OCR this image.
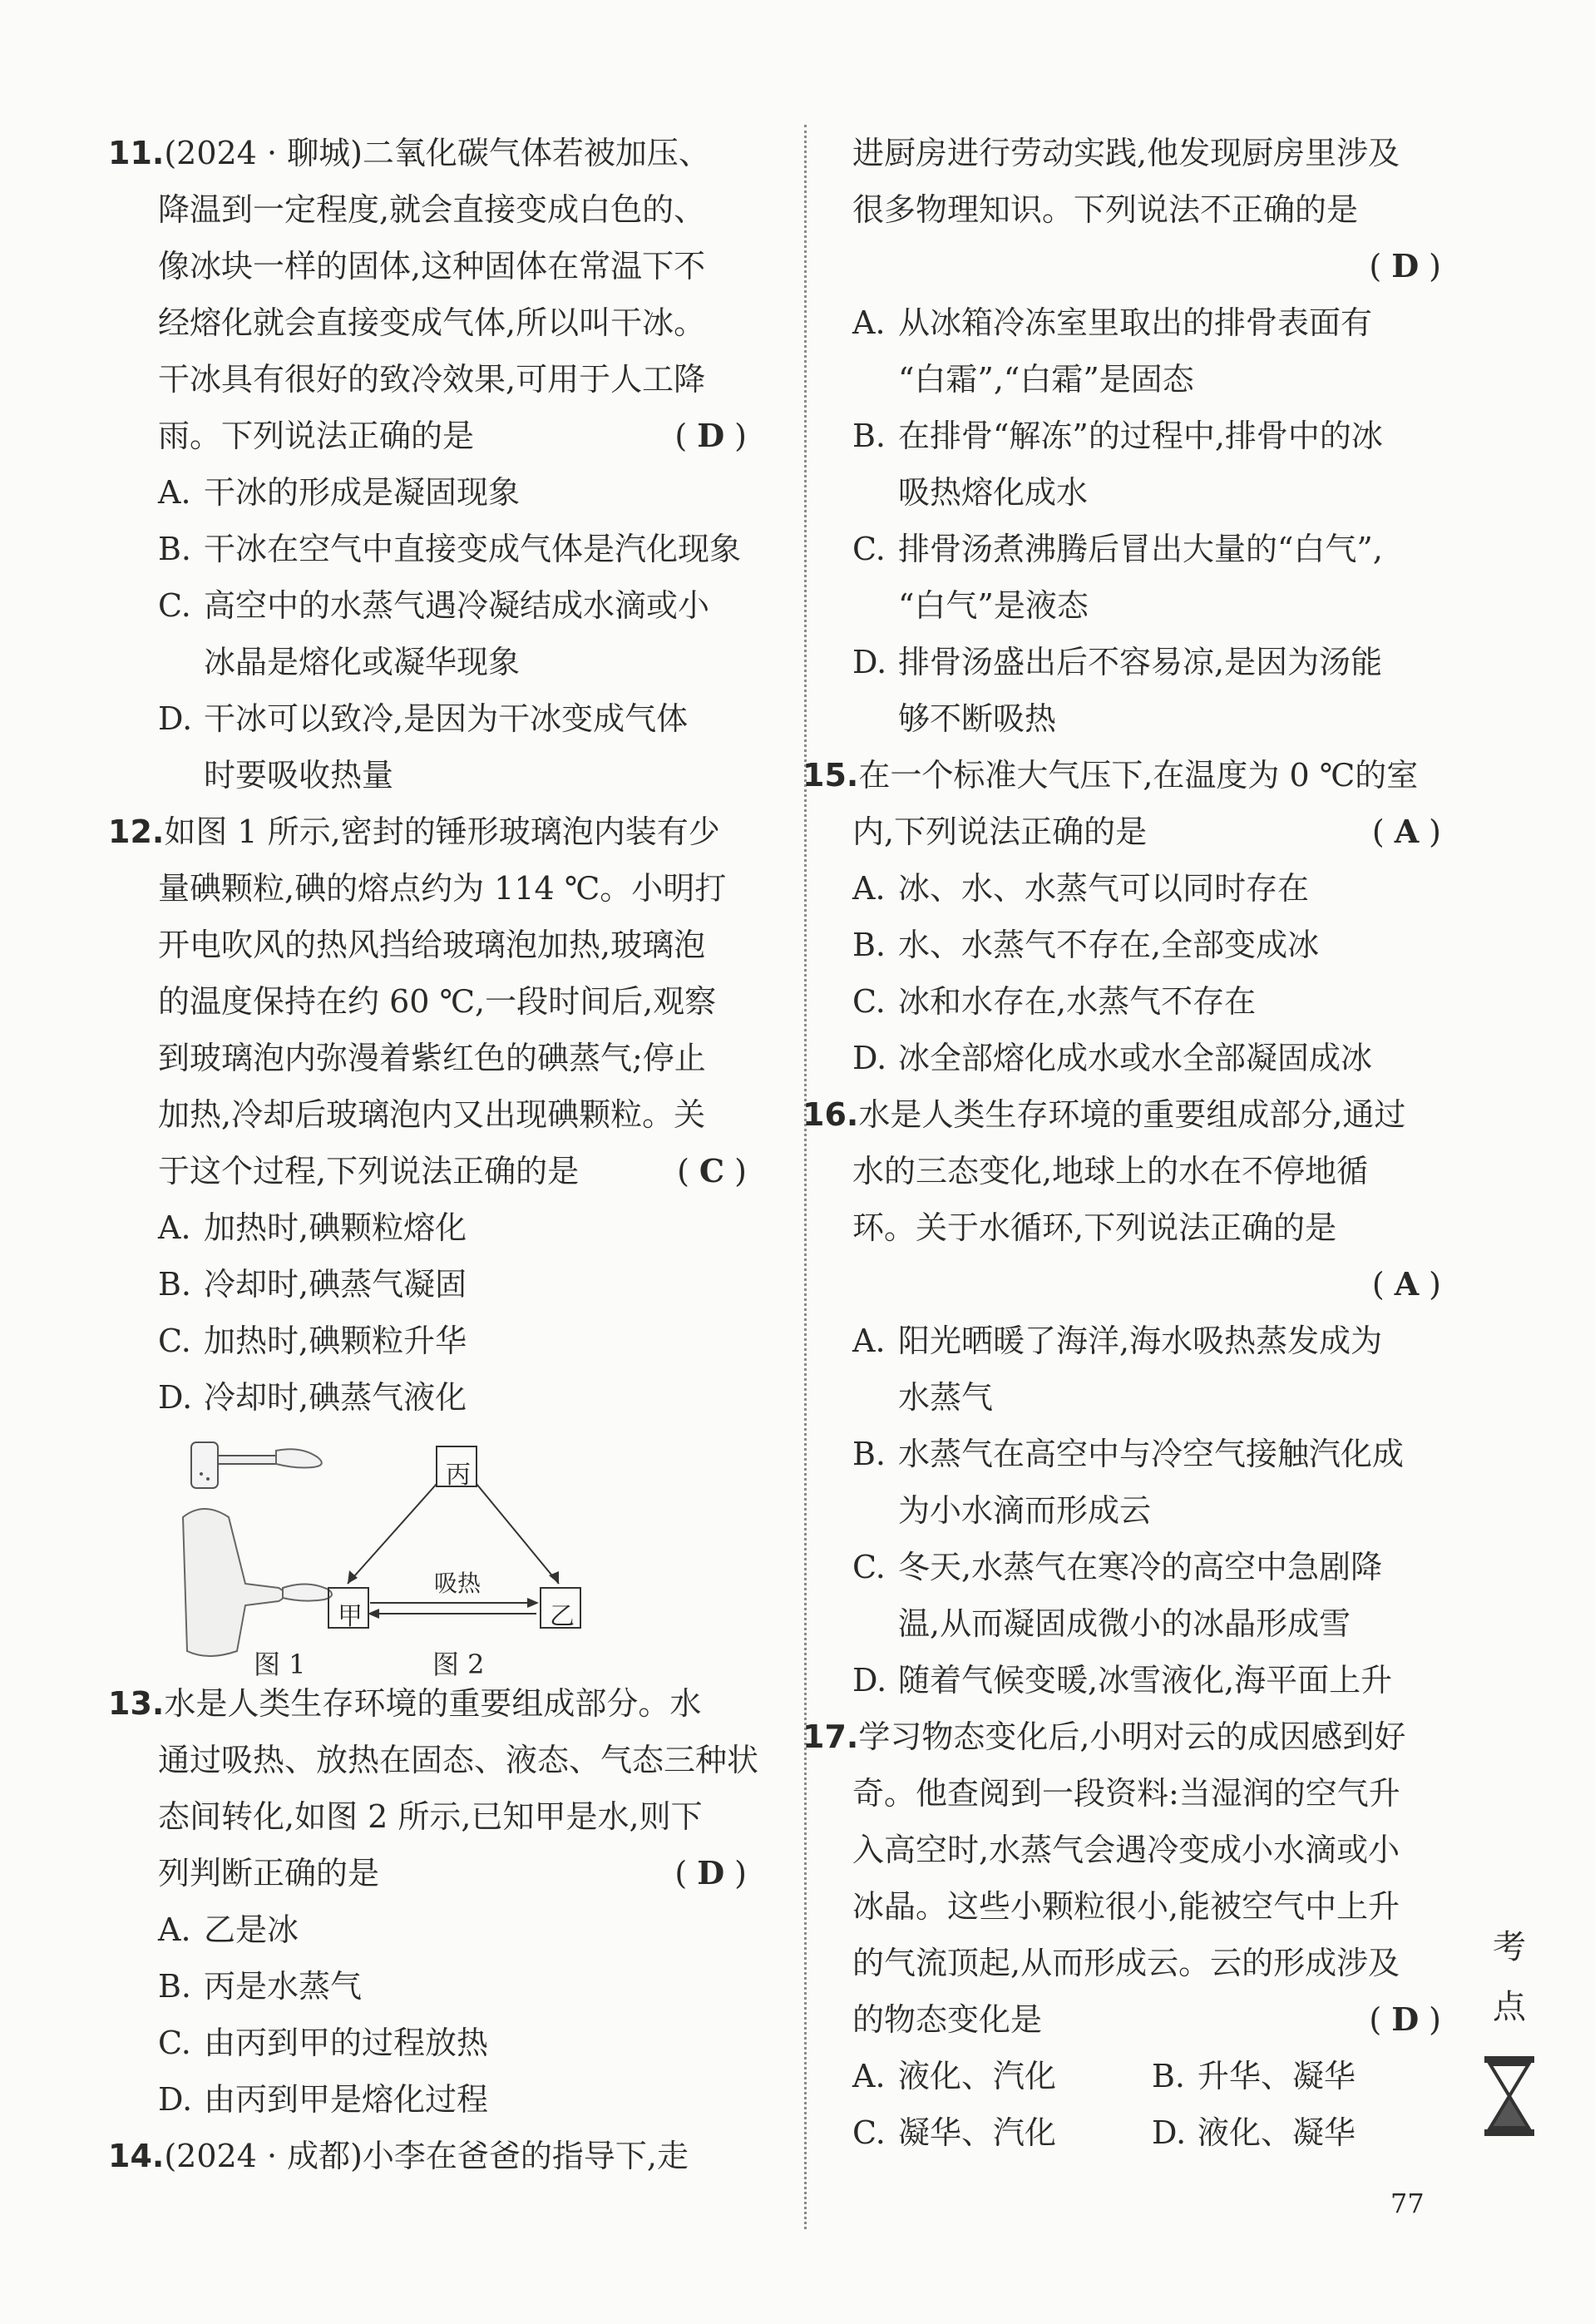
11.(2024 · 聊城)二氧化碳气体若被加压、
降温到一定程度,就会直接变成白色的、
像冰块一样的固体,这种固体在常温下不
经熔化就会直接变成气体,所以叫干冰。
干冰具有很好的致冷效果,可用于人工降
雨。下列说法正确的是	(D)
A. 干冰的形成是凝固现象
B. 干冰在空气中直接变成气体是汽化现象
C. 高空中的水蒸气遇冷凝结成水滴或小
冰晶是熔化或凝华现象
D. 干冰可以致冷,是因为干冰变成气体
时要吸收热量
12.如图 1 所示,密封的锤形玻璃泡内装有少
量碘颗粒,碘的熔点约为 114 ℃。小明打
开电吹风的热风挡给玻璃泡加热,玻璃泡
的温度保持在约 60 ℃,一段时间后,观察
到玻璃泡内弥漫着紫红色的碘蒸气;停止
加热,冷却后玻璃泡内又出现碘颗粒。关
于这个过程,下列说法正确的是	(C)
A. 加热时,碘颗粒熔化
B. 冷却时,碘蒸气凝固
C. 加热时,碘颗粒升华
D. 冷却时,碘蒸气液化
丙
甲	乙
吸热
图 1	图 2
13.水是人类生存环境的重要组成部分。水
通过吸热、放热在固态、液态、气态三种状
态间转化,如图 2 所示,已知甲是水,则下
列判断正确的是	(D)
A. 乙是冰
B. 丙是水蒸气
C. 由丙到甲的过程放热
D. 由丙到甲是熔化过程
14.(2024 · 成都)小李在爸爸的指导下,走
进厨房进行劳动实践,他发现厨房里涉及
很多物理知识。下列说法不正确的是
(D)
A. 从冰箱冷冻室里取出的排骨表面有
“白霜”,“白霜”是固态
B. 在排骨“解冻”的过程中,排骨中的冰
吸热熔化成水
C. 排骨汤煮沸腾后冒出大量的“白气”,
“白气”是液态
D. 排骨汤盛出后不容易凉,是因为汤能
够不断吸热
15.在一个标准大气压下,在温度为 0 ℃的室
内,下列说法正确的是	(A)
A. 冰、水、水蒸气可以同时存在
B. 水、水蒸气不存在,全部变成冰
C. 冰和水存在,水蒸气不存在
D. 冰全部熔化成水或水全部凝固成冰
16.水是人类生存环境的重要组成部分,通过
水的三态变化,地球上的水在不停地循
环。关于水循环,下列说法正确的是
(A)
A. 阳光晒暖了海洋,海水吸热蒸发成为
水蒸气
B. 水蒸气在高空中与冷空气接触汽化成
为小水滴而形成云
C. 冬天,水蒸气在寒冷的高空中急剧降
温,从而凝固成微小的冰晶形成雪
D. 随着气候变暖,冰雪液化,海平面上升
17.学习物态变化后,小明对云的成因感到好
奇。他查阅到一段资料:当湿润的空气升
入高空时,水蒸气会遇冷变成小水滴或小
冰晶。这些小颗粒很小,能被空气中上升
的气流顶起,从而形成云。云的形成涉及
的物态变化是	(D)
A. 液化、汽化	B. 升华、凝华
C. 凝华、汽化	D. 液化、凝华
考
点
77
